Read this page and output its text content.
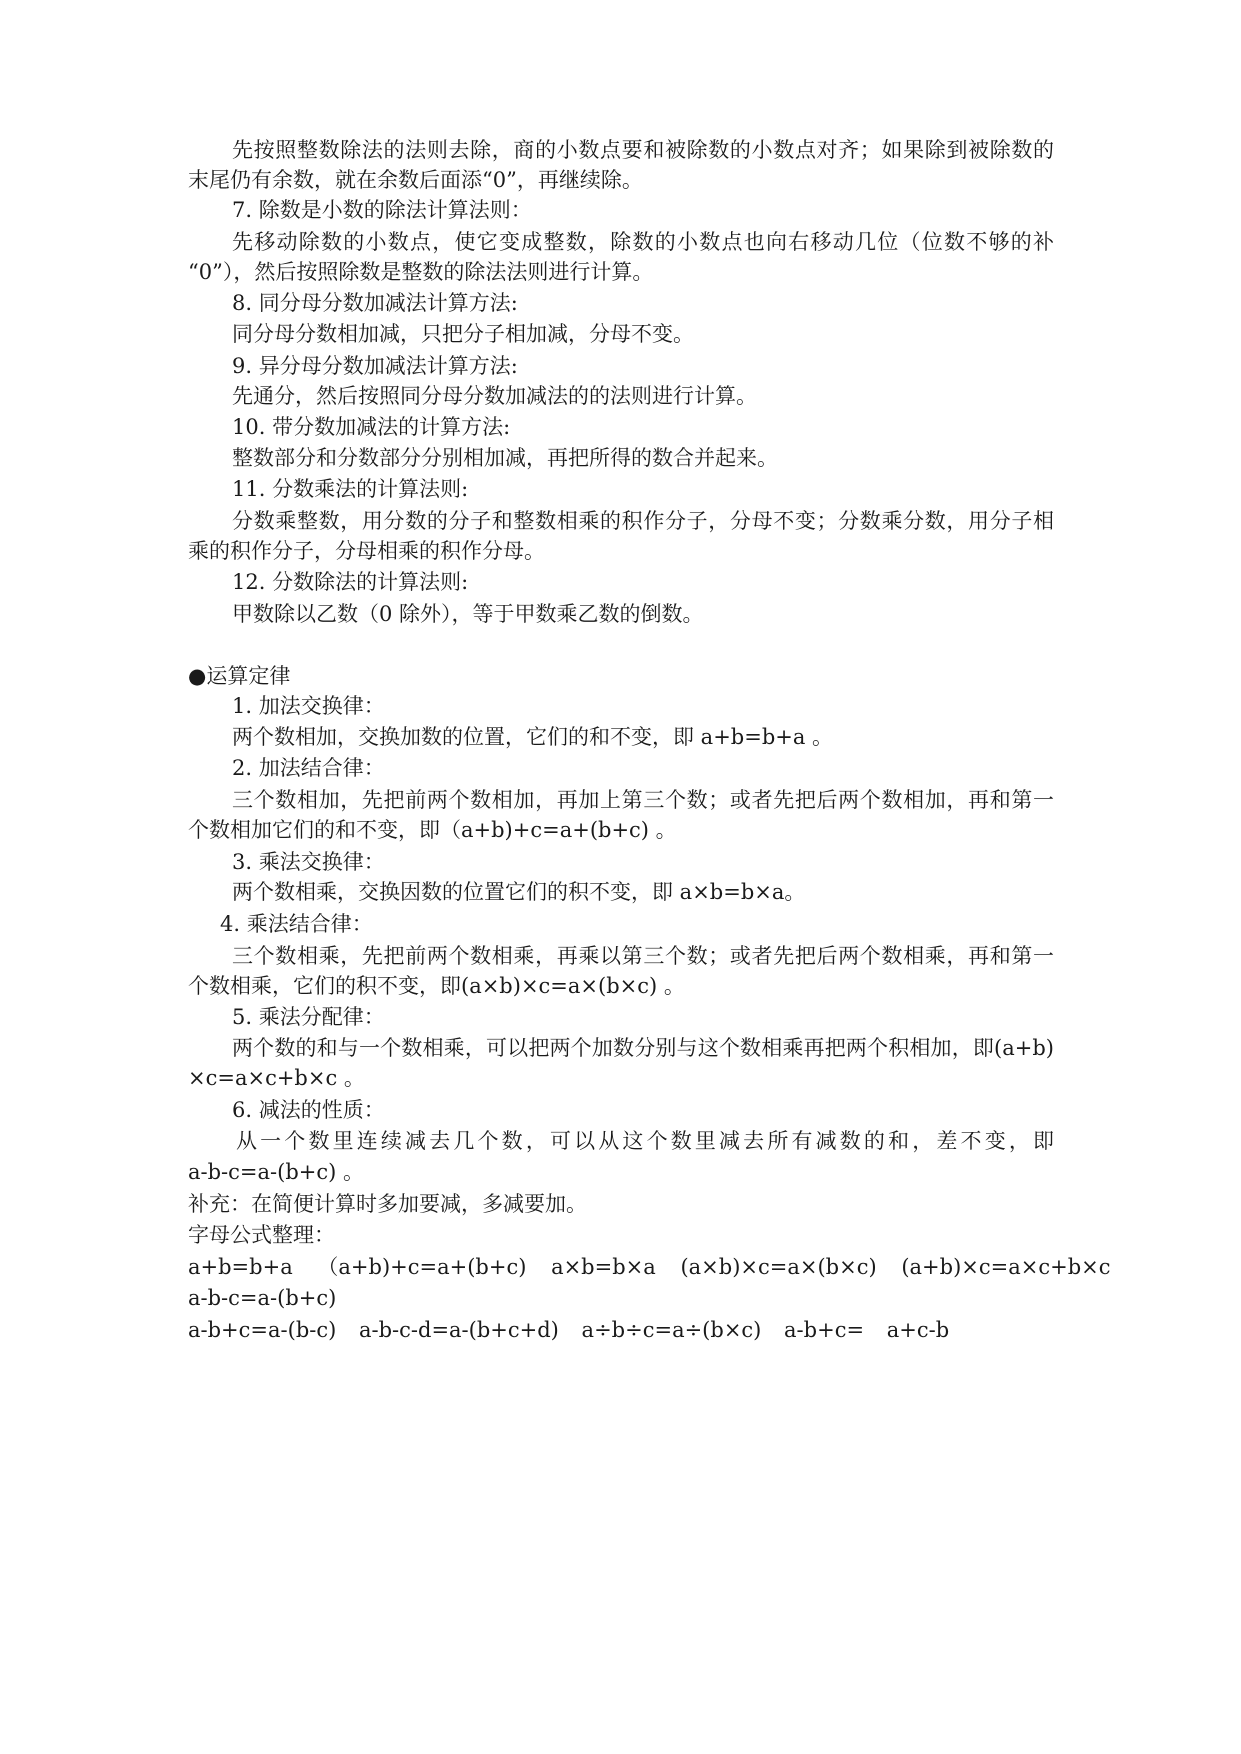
先按照整数除法的法则去除，商的小数点要和被除数的小数点对齐；如果除到被除数的
末尾仍有余数，就在余数后面添“0”，再继续除。
7. 除数是小数的除法计算法则：
先移动除数的小数点，使它变成整数，除数的小数点也向右移动几位（位数不够的补
“0”），然后按照除数是整数的除法法则进行计算。
8. 同分母分数加减法计算方法:
同分母分数相加减，只把分子相加减，分母不变。
9. 异分母分数加减法计算方法:
先通分，然后按照同分母分数加减法的的法则进行计算。
10. 带分数加减法的计算方法:
整数部分和分数部分分别相加减，再把所得的数合并起来。
11. 分数乘法的计算法则:
分数乘整数，用分数的分子和整数相乘的积作分子，分母不变；分数乘分数，用分子相
乘的积作分子，分母相乘的积作分母。
12. 分数除法的计算法则:
甲数除以乙数（0 除外），等于甲数乘乙数的倒数。
●运算定律
1. 加法交换律：
两个数相加，交换加数的位置，它们的和不变，即 a+b=b+a 。
2. 加法结合律：
三个数相加，先把前两个数相加，再加上第三个数；或者先把后两个数相加，再和第一
个数相加它们的和不变，即（a+b)+c=a+(b+c) 。
3. 乘法交换律：
两个数相乘，交换因数的位置它们的积不变，即 a×b=b×a。
4. 乘法结合律：
三个数相乘，先把前两个数相乘，再乘以第三个数；或者先把后两个数相乘，再和第一
个数相乘，它们的积不变，即(a×b)×c=a×(b×c) 。
5. 乘法分配律：
两个数的和与一个数相乘，可以把两个加数分别与这个数相乘再把两个积相加，即(a+b)
×c=a×c+b×c 。
6. 减法的性质：
从一个数里连续减去几个数，可以从这个数里减去所有减数的和，差不变，即
a-b-c=a-(b+c) 。
补充：在简便计算时多加要减，多减要加。
字母公式整理：
a+b=b+a （a+b)+c=a+(b+c) a×b=b×a (a×b)×c=a×(b×c) (a+b)×c=a×c+b×c
a-b-c=a-(b+c)
a-b+c=a-(b-c) a-b-c-d=a-(b+c+d) a÷b÷c=a÷(b×c) a-b+c= a+c-b
